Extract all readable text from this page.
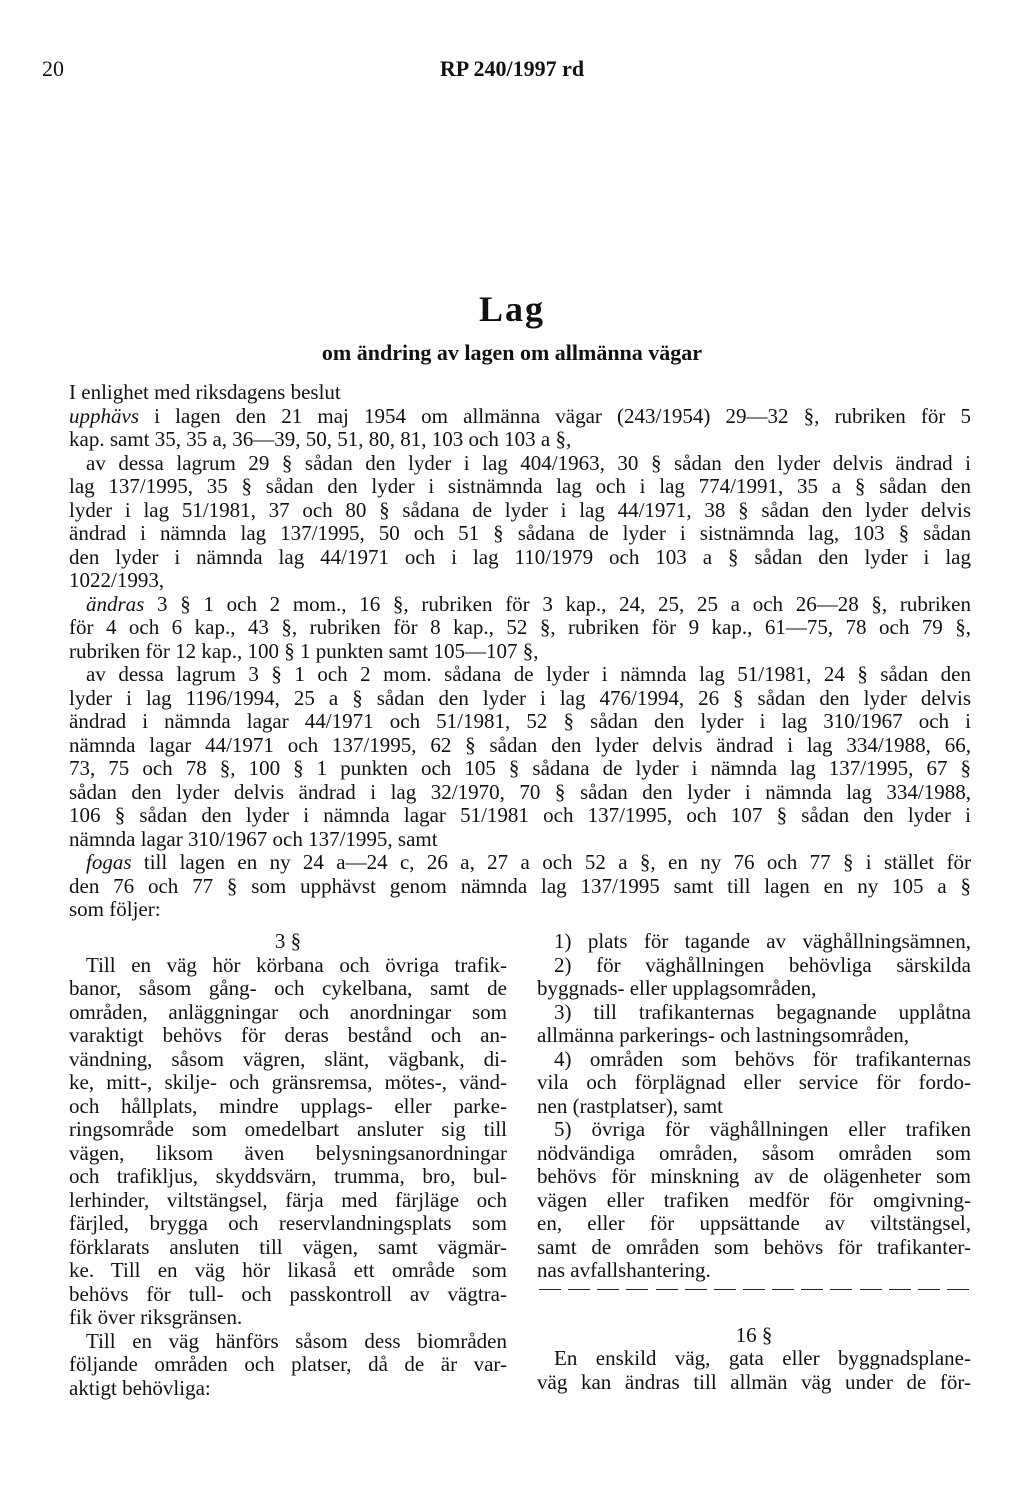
20	RP 240/1997 rd
Lag
om ändring av lagen om allmänna vägar
I enlighet med riksdagens beslut
upphävs i lagen den 21 maj 1954 om allmänna vägar (243/1954) 29—32 §, rubriken för 5
kap. samt 35, 35 a, 36—39, 50, 51, 80, 81, 103 och 103 a §,
av dessa lagrum 29 § sådan den lyder i lag 404/1963, 30 § sådan den lyder delvis ändrad i
lag 137/1995, 35 § sådan den lyder i sistnämnda lag och i lag 774/1991, 35 a § sådan den
lyder i lag 51/1981, 37 och 80 § sådana de lyder i lag 44/1971, 38 § sådan den lyder delvis
ändrad i nämnda lag 137/1995, 50 och 51 § sådana de lyder i sistnämnda lag, 103 § sådan
den lyder i nämnda lag 44/1971 och i lag 110/1979 och 103 a § sådan den lyder i lag
1022/1993,
ändras 3 § 1 och 2 mom., 16 §, rubriken för 3 kap., 24, 25, 25 a och 26—28 §, rubriken
för 4 och 6 kap., 43 §, rubriken för 8 kap., 52 §, rubriken för 9 kap., 61—75, 78 och 79 §,
rubriken för 12 kap., 100 § 1 punkten samt 105—107 §,
av dessa lagrum 3 § 1 och 2 mom. sådana de lyder i nämnda lag 51/1981, 24 § sådan den
lyder i lag 1196/1994, 25 a § sådan den lyder i lag 476/1994, 26 § sådan den lyder delvis
ändrad i nämnda lagar 44/1971 och 51/1981, 52 § sådan den lyder i lag 310/1967 och i
nämnda lagar 44/1971 och 137/1995, 62 § sådan den lyder delvis ändrad i lag 334/1988, 66,
73, 75 och 78 §, 100 § 1 punkten och 105 § sådana de lyder i nämnda lag 137/1995, 67 §
sådan den lyder delvis ändrad i lag 32/1970, 70 § sådan den lyder i nämnda lag 334/1988,
106 § sådan den lyder i nämnda lagar 51/1981 och 137/1995, och 107 § sådan den lyder i
nämnda lagar 310/1967 och 137/1995, samt
fogas till lagen en ny 24 a—24 c, 26 a, 27 a och 52 a §, en ny 76 och 77 § i stället för
den 76 och 77 § som upphävst genom nämnda lag 137/1995 samt till lagen en ny 105 a §
som följer:
3 §
Till en väg hör körbana och övriga trafik-
banor, såsom gång- och cykelbana, samt de
områden, anläggningar och anordningar som
varaktigt behövs för deras bestånd och an-
vändning, såsom vägren, slänt, vägbank, di-
ke, mitt-, skilje- och gränsremsa, mötes-, vänd-
och hållplats, mindre upplags- eller parke-
ringsområde som omedelbart ansluter sig till
vägen, liksom även belysningsanordningar
och trafikljus, skyddsvärn, trumma, bro, bul-
lerhinder, viltstängsel, färja med färjläge och
färjled, brygga och reservlandningsplats som
förklarats ansluten till vägen, samt vägmär-
ke. Till en väg hör likaså ett område som
behövs för tull- och passkontroll av vägtra-
fik över riksgränsen.
Till en väg hänförs såsom dess biområden
följande områden och platser, då de är var-
aktigt behövliga:
1) plats för tagande av väghållningsämnen,
2) för väghållningen behövliga särskilda
byggnads- eller upplagsområden,
3) till trafikanternas begagnande upplåtna
allmänna parkerings- och lastningsområden,
4) områden som behövs för trafikanternas
vila och förplägnad eller service för fordo-
nen (rastplatser), samt
5) övriga för väghållningen eller trafiken
nödvändiga områden, såsom områden som
behövs för minskning av de olägenheter som
vägen eller trafiken medför för omgivning-
en, eller för uppsättande av viltstängsel,
samt de områden som behövs för trafikanter-
nas avfallshantering.
16 §
En enskild väg, gata eller byggnadsplane-
väg kan ändras till allmän väg under de för-
